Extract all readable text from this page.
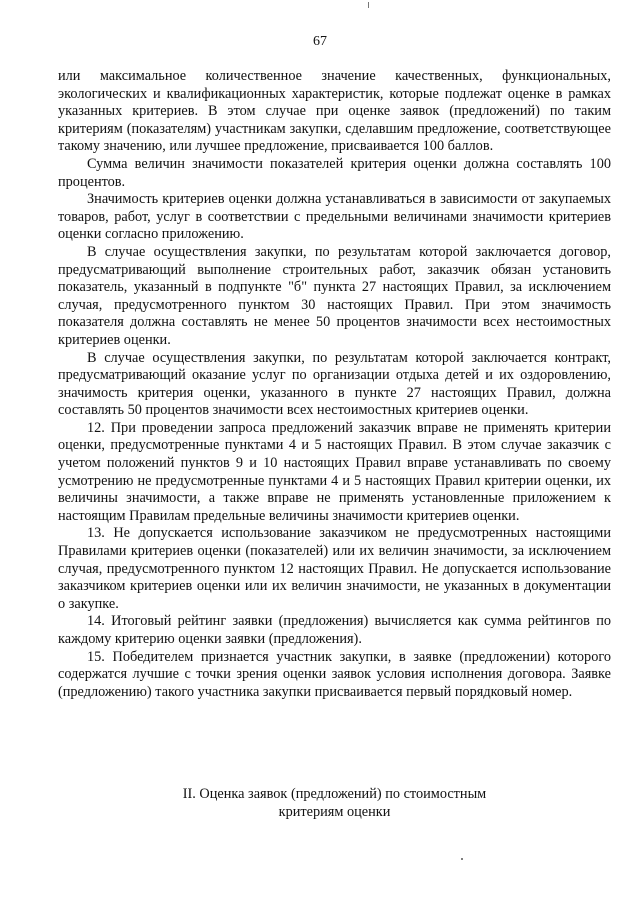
67

или максимальное количественное значение качественных, функциональных, экологических и квалификационных характеристик, которые подлежат оценке в рамках указанных критериев. В этом случае при оценке заявок (предложений) по таким критериям (показателям) участникам закупки, сделавшим предложение, соответствующее такому значению, или лучшее предложение, присваивается 100 баллов.

Сумма величин значимости показателей критерия оценки должна составлять 100 процентов.

Значимость критериев оценки должна устанавливаться в зависимости от закупаемых товаров, работ, услуг в соответствии с предельными величинами значимости критериев оценки согласно приложению.

В случае осуществления закупки, по результатам которой заключается договор, предусматривающий выполнение строительных работ, заказчик обязан установить показатель, указанный в подпункте "б" пункта 27 настоящих Правил, за исключением случая, предусмотренного пунктом 30 настоящих Правил. При этом значимость показателя должна составлять не менее 50 процентов значимости всех нестоимостных критериев оценки.

В случае осуществления закупки, по результатам которой заключается контракт, предусматривающий оказание услуг по организации отдыха детей и их оздоровлению, значимость критерия оценки, указанного в пункте 27 настоящих Правил, должна составлять 50 процентов значимости всех нестоимостных критериев оценки.

12. При проведении запроса предложений заказчик вправе не применять критерии оценки, предусмотренные пунктами 4 и 5 настоящих Правил. В этом случае заказчик с учетом положений пунктов 9 и 10 настоящих Правил вправе устанавливать по своему усмотрению не предусмотренные пунктами 4 и 5 настоящих Правил критерии оценки, их величины значимости, а также вправе не применять установленные приложением к настоящим Правилам предельные величины значимости критериев оценки.

13. Не допускается использование заказчиком не предусмотренных настоящими Правилами критериев оценки (показателей) или их величин значимости, за исключением случая, предусмотренного пунктом 12 настоящих Правил. Не допускается использование заказчиком критериев оценки или их величин значимости, не указанных в документации о закупке.

14. Итоговый рейтинг заявки (предложения) вычисляется как сумма рейтингов по каждому критерию оценки заявки (предложения).

15. Победителем признается участник закупки, в заявке (предложении) которого содержатся лучшие с точки зрения оценки заявок условия исполнения договора. Заявке (предложению) такого участника закупки присваивается первый порядковый номер.

II. Оценка заявок (предложений) по стоимостным
критериям оценки
